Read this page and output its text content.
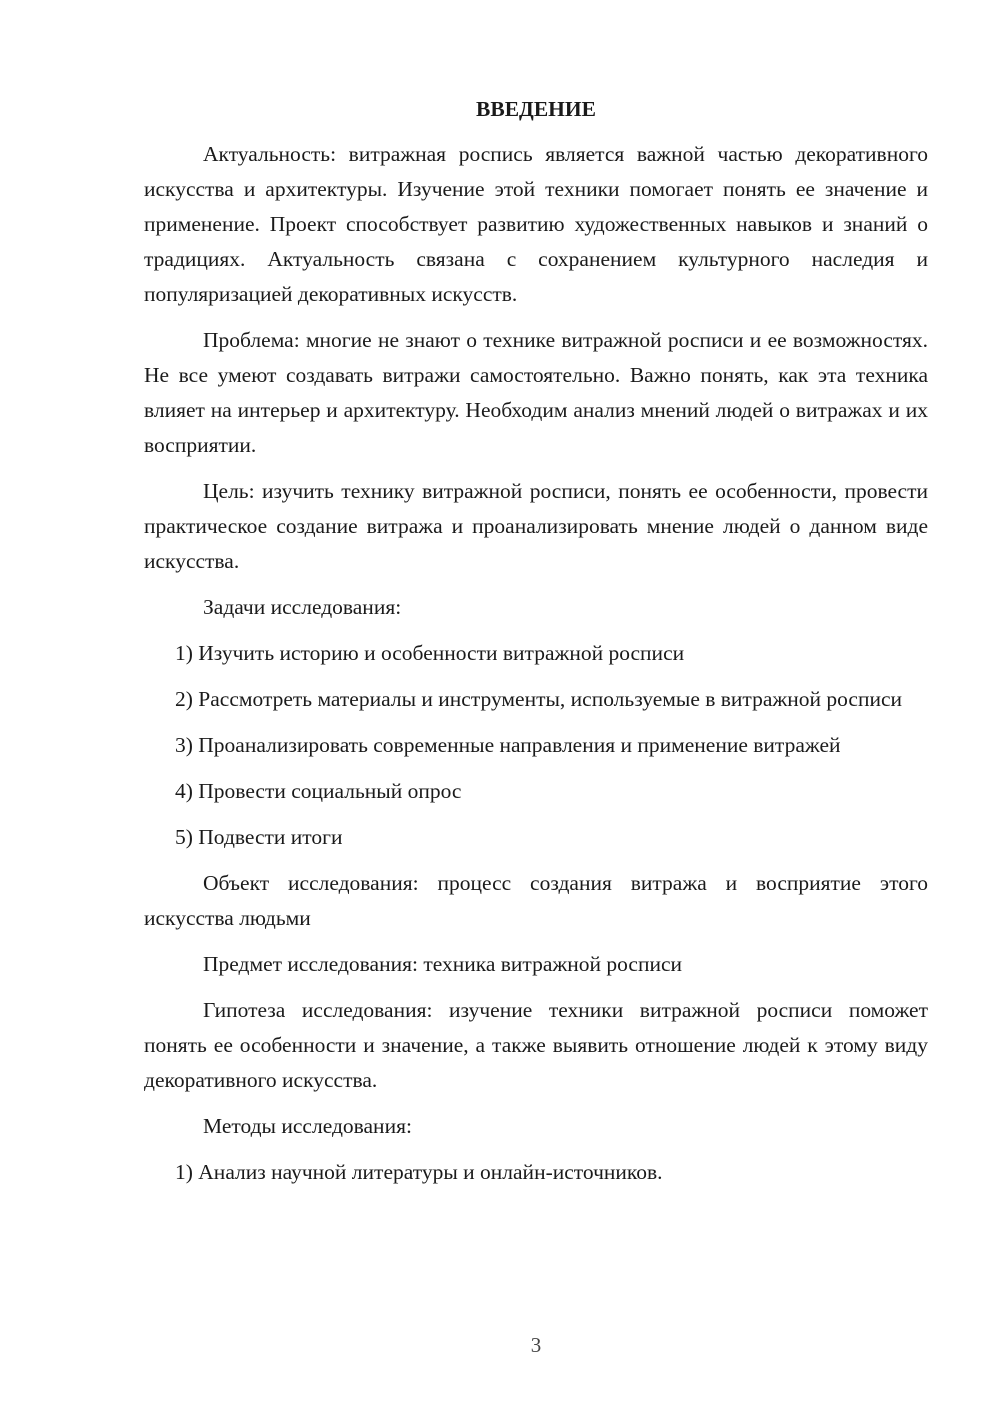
ВВЕДЕНИЕ

Актуальность: витражная роспись является важной частью декоративного искусства и архитектуры. Изучение этой техники помогает понять ее значение и применение. Проект способствует развитию художественных навыков и знаний о традициях. Актуальность связана с сохранением культурного наследия и популяризацией декоративных искусств.

Проблема: многие не знают о технике витражной росписи и ее возможностях. Не все умеют создавать витражи самостоятельно. Важно понять, как эта техника влияет на интерьер и архитектуру. Необходим анализ мнений людей о витражах и их восприятии.

Цель: изучить технику витражной росписи, понять ее особенности, провести практическое создание витража и проанализировать мнение людей о данном виде искусства.

Задачи исследования:

1) Изучить историю и особенности витражной росписи

2) Рассмотреть материалы и инструменты, используемые в витражной росписи

3) Проанализировать современные направления и применение витражей

4) Провести социальный опрос

5) Подвести итоги

Объект исследования: процесс создания витража и восприятие этого искусства людьми

Предмет исследования: техника витражной росписи

Гипотеза исследования: изучение техники витражной росписи поможет понять ее особенности и значение, а также выявить отношение людей к этому виду декоративного искусства.

Методы исследования:

1) Анализ научной литературы и онлайн-источников.

3
